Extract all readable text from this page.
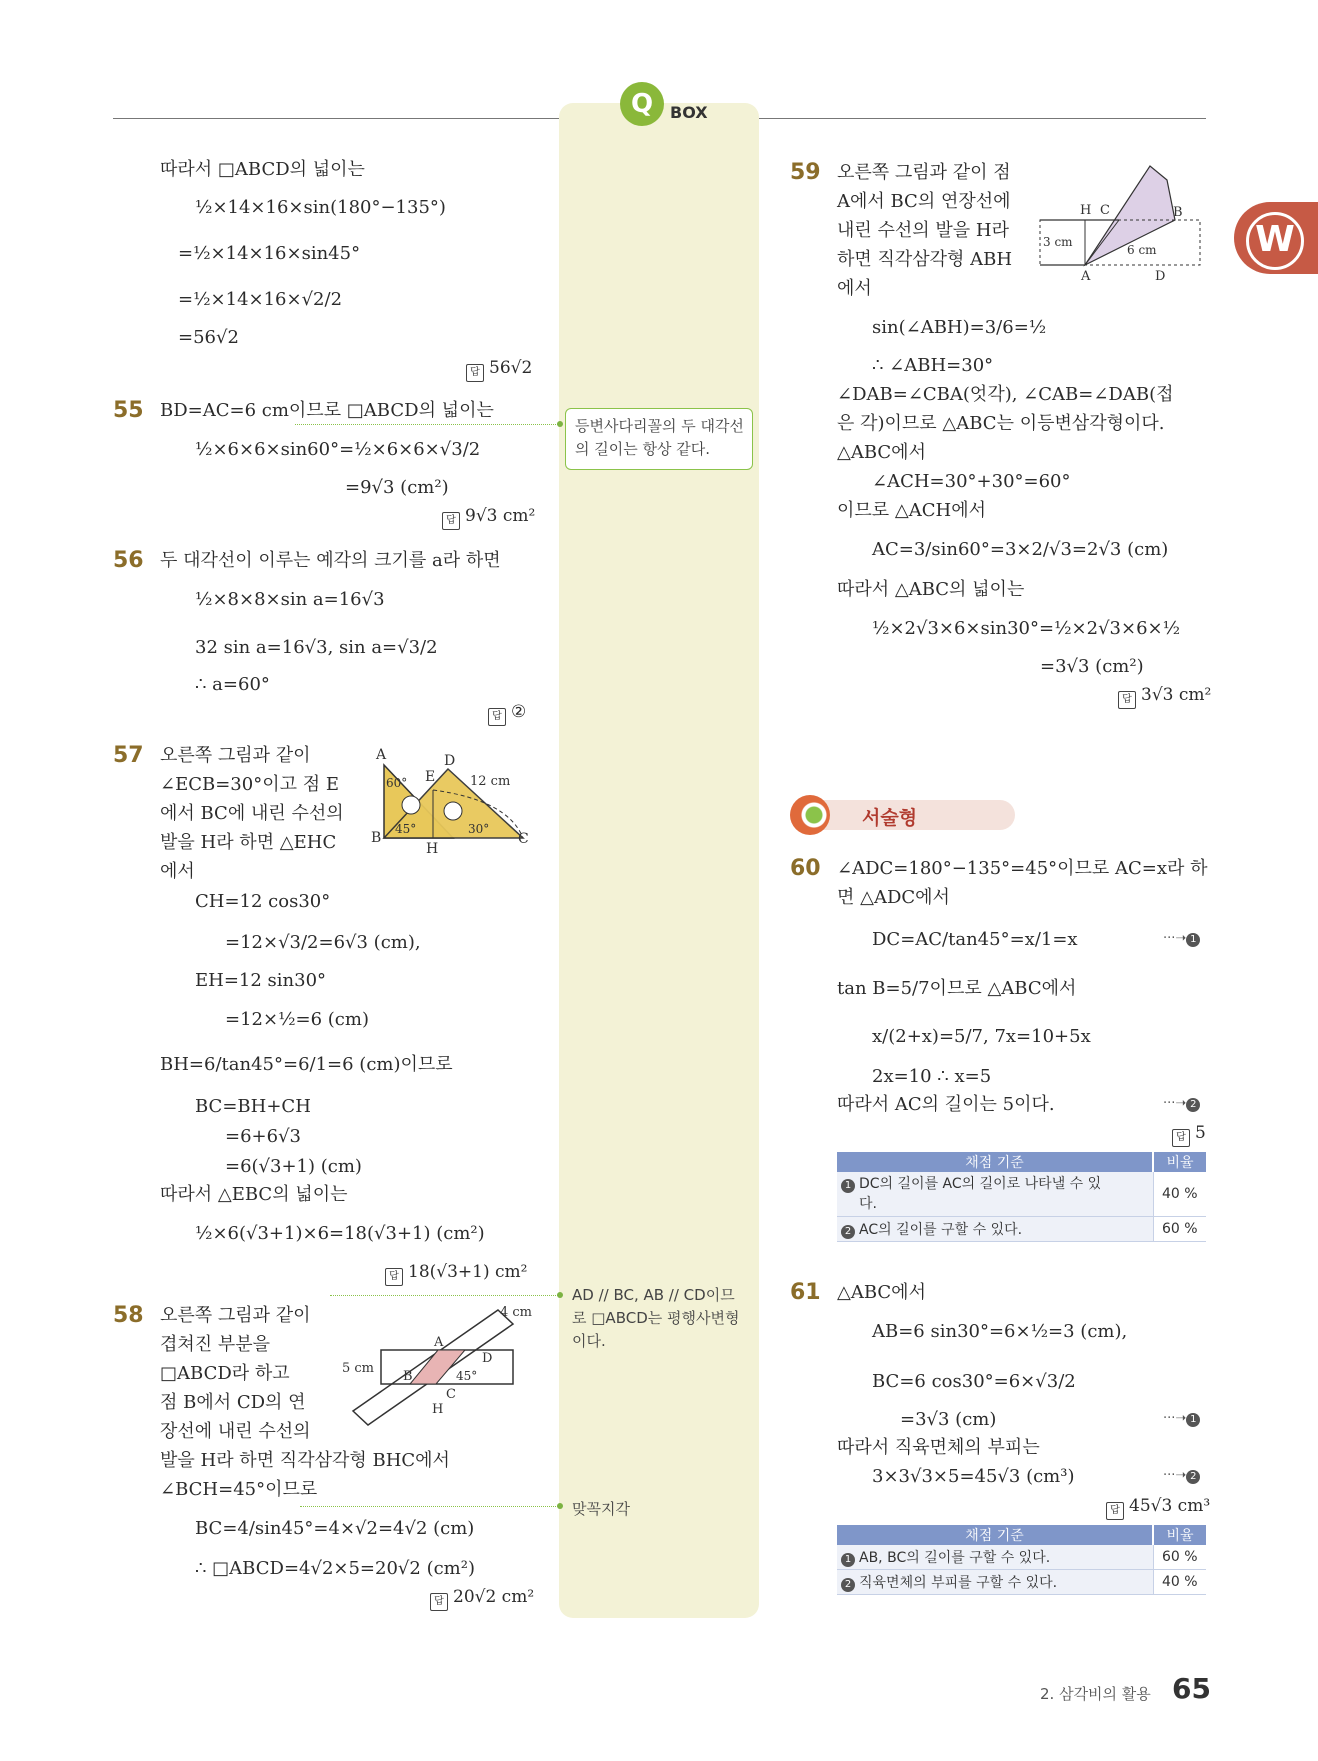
Q	BOX
W
따라서 □ABCD의 넓이는
½×14×16×sin(180°−135°)
=½×14×16×sin45°
=½×14×16×√2/2
=56√2
답 56√2
55 BD=AC=6 cm이므로 □ABCD의 넓이는
½×6×6×sin60°=½×6×6×√3/2
=9√3 (cm²)
답 9√3 cm²
등변사다리꼴의 두 대각선
의 길이는 항상 같다.
56 두 대각선이 이루는 예각의 크기를 a라 하면
½×8×8×sin a=16√3
32 sin a=16√3, sin a=√3/2
∴ a=60°
답 ②
57 오른쪽 그림과 같이
∠ECB=30°이고 점 E
에서 BC에 내린 수선의
발을 H라 하면 △EHC
에서
CH=12 cos30°
=12×√3/2=6√3 (cm),
EH=12 sin30°
=12×½=6 (cm)
BH=6/tan45°=6/1=6 (cm)이므로
BC=BH+CH
=6+6√3
=6(√3+1) (cm)
따라서 △EBC의 넓이는
½×6(√3+1)×6=18(√3+1) (cm²)
답 18(√3+1) cm²
A	D
E
B
H
C
60°
45°	30°
12 cm
58 오른쪽 그림과 같이
겹쳐진 부분을
□ABCD라 하고
점 B에서 CD의 연
장선에 내린 수선의
발을 H라 하면 직각삼각형 BHC에서
∠BCH=45°이므로
BC=4/sin45°=4×√2=4√2 (cm)
∴ □ABCD=4√2×5=20√2 (cm²)
답 20√2 cm²
AD // BC, AB // CD이므
로 □ABCD는 평행사변형
이다.
맞꼭지각
4 cm
5 cm
A
D
B
C
H
45°
59 오른쪽 그림과 같이 점
A에서 BC의 연장선에
내린 수선의 발을 H라
하면 직각삼각형 ABH
에서
sin(∠ABH)=3/6=½
∴ ∠ABH=30°
∠DAB=∠CBA(엇각), ∠CAB=∠DAB(접
은 각)이므로 △ABC는 이등변삼각형이다.
△ABC에서
∠ACH=30°+30°=60°
이므로 △ACH에서
AC=3/sin60°=3×2/√3=2√3 (cm)
따라서 △ABC의 넓이는
½×2√3×6×sin30°=½×2√3×6×½
=3√3 (cm²)
답 3√3 cm²
H C	B
A	D
3 cm
6 cm
서술형
60 ∠ADC=180°−135°=45°이므로 AC=x라 하
면 △ADC에서
DC=AC/tan45°=x/1=x
tan B=5/7이므로 △ABC에서
x/(2+x)=5/7, 7x=10+5x
2x=10 ∴ x=5
따라서 AC의 길이는 5이다.
···➝ 1
···➝ 2
답 5
채점 기준	비율
1 DC의 길이를 AC의 길이로 나타낼 수 있
다.	40 %
2 AC의 길이를 구할 수 있다.	60 %
61 △ABC에서
AB=6 sin30°=6×½=3 (cm),
BC=6 cos30°=6×√3/2
=3√3 (cm)
따라서 직육면체의 부피는
3×3√3×5=45√3 (cm³)
···➝ 1
···➝ 2
답 45√3 cm³
채점 기준	비율
1 AB, BC의 길이를 구할 수 있다.	60 %
2 직육면체의 부피를 구할 수 있다.	40 %
2. 삼각비의 활용 65
